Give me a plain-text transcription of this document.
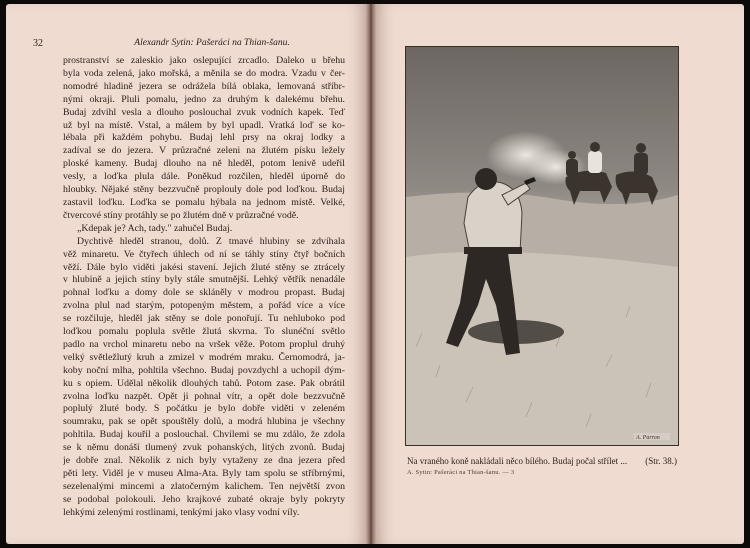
32	Alexandr Sytin: Pašeráci na Thian-šanu.
prostranství se zaleskio jako oslepující zrcadlo. Daleko u břehu
byla voda zelená, jako mořská, a měnila se do modra. Vzadu v čer-
nomodré hladině jezera se odrážela bílá oblaka, lemovaná stříbr-
nými okraji. Pluli pomalu, jedno za druhým k dalekému břehu.
Budaj zdvihl vesla a dlouho poslouchal zvuk vodních kapek. Teď
už byl na místě. Vstal, a málem by byl upadl. Vratká loď se ko-
lébala při každém pohybu. Budaj lehl prsy na okraj lodky a
zadíval se do jezera. V průzračné zeleni na žlutém písku ležely
ploské kameny. Budaj dlouho na ně hleděl, potom lenivě udeřil
vesly, a loďka plula dále. Poněkud rozčilen, hleděl úporně do
hloubky. Nějaké stěny bezzvučně proplouly dole pod loďkou. Budaj
zastavil loďku. Loďka se pomalu hýbala na jednom místě. Velké,
čtvercové stíny protáhly se po žlutém dně v průzračné vodě.
„Kdepak je? Ach, tady." zahučel Budaj.
Dychtivě hleděl stranou, dolů. Z tmavé hlubiny se zdvíhala
věž minaretu. Ve čtyřech úhlech od ní se táhly stíny čtyř bočních
věží. Dále bylo viděti jakési stavení. Jejich žluté stěny se ztrácely
v hlubině a jejich stíny byly stále smutnější. Lehký větřík nenadále
pohnal loďku a domy dole se skláněly v modrou propast. Budaj
zvolna plul nad starým, potopeným městem, a pořád více a více
se rozčiluje, hleděl jak stěny se dole ponořují. Tu nehluboko pod
loďkou pomalu poplula světle žlutá skvrna. To slunéční světlo
padlo na vrchol minaretu nebo na vršek věže. Potom proplul druhý
velký světležlutý kruh a zmizel v modrém mraku. Černomodrá, ja-
koby noční mlha, pohltila všechno. Budaj povzdychl a uchopil dým-
ku s opiem. Udělal několik dlouhých tahů. Potom zase. Pak obrátil
zvolna loďku nazpět. Opět ji pohnal vítr, a opět dole bezzvučně
poplulý žluté body. S počátku je bylo dobře viděti v zeleném
soumraku, pak se opět spouštěly dolů, a modrá hlubina je všechny
pohltila. Budaj kouřil a poslouchal. Chvílemi se mu zdálo, že zdola
se k němu donáší tlumený zvuk pohanských, litých zvonů. Budaj
je dobře znal. Několik z nich byly vytaženy ze dna jezera před
pěti lety. Viděl je v museu Alma-Ata. Byly tam spolu se stříbrnými,
sezelenalými mincemi a zlatočerným kalichem. Ten největší zvon
se podobal polokouli. Jeho krajkové zubaté okraje byly pokryty
lehkými zelenými rostlinami, tenkými jako vlasy vodní víly.
A. Parron
Na vraného koně nakládali něco bílého. Budaj počal střílet ... (Str. 38.)
A. Sytin: Pašeráci na Thian-šanu. — 3
